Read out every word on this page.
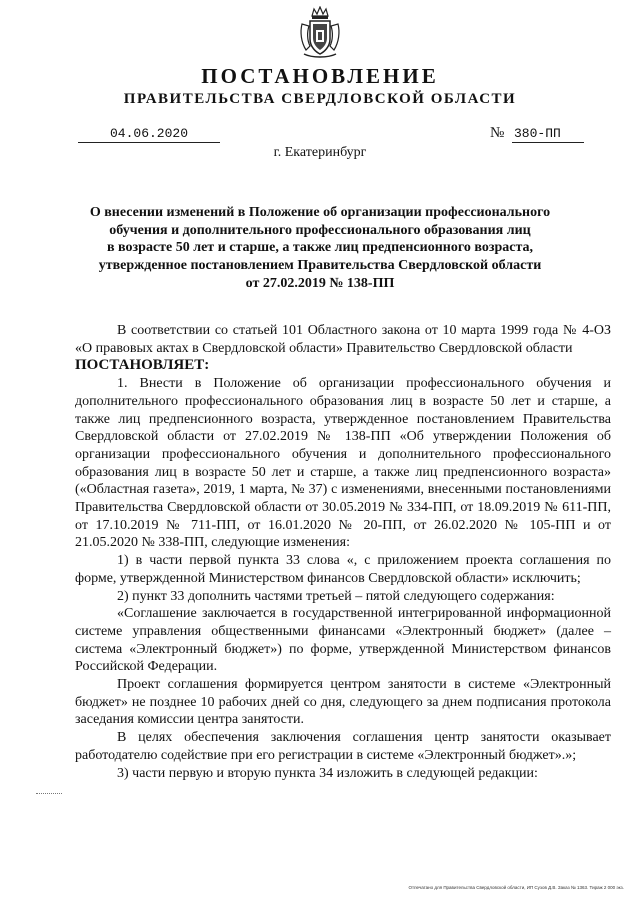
ПОСТАНОВЛЕНИЕ
ПРАВИТЕЛЬСТВА СВЕРДЛОВСКОЙ ОБЛАСТИ
04.06.2020	№ 380-ПП
г. Екатеринбург
О внесении изменений в Положение об организации профессионального
обучения и дополнительного профессионального образования лиц
в возрасте 50 лет и старше, а также лиц предпенсионного возраста,
утвержденное постановлением Правительства Свердловской области
от 27.02.2019 № 138-ПП

В соответствии со статьей 101 Областного закона от 10 марта 1999 года № 4-ОЗ «О правовых актах в Свердловской области» Правительство Свердловской области

ПОСТАНОВЛЯЕТ:

1. Внести в Положение об организации профессионального обучения и дополнительного профессионального образования лиц в возрасте 50 лет и старше, а также лиц предпенсионного возраста, утвержденное постановлением Правительства Свердловской области от 27.02.2019 № 138-ПП «Об утверждении Положения об организации профессионального обучения и дополнительного профессионального образования лиц в возрасте 50 лет и старше, а также лиц предпенсионного возраста» («Областная газета», 2019, 1 марта, № 37) с изменениями, внесенными постановлениями Правительства Свердловской области от 30.05.2019 № 334-ПП, от 18.09.2019 № 611-ПП, от 17.10.2019 № 711-ПП, от 16.01.2020 № 20-ПП, от 26.02.2020 № 105-ПП и от 21.05.2020 № 338-ПП, следующие изменения:

1) в части первой пункта 33 слова «, с приложением проекта соглашения по форме, утвержденной Министерством финансов Свердловской области» исключить;

2) пункт 33 дополнить частями третьей – пятой следующего содержания:

«Соглашение заключается в государственной интегрированной информационной системе управления общественными финансами «Электронный бюджет» (далее – система «Электронный бюджет») по форме, утвержденной Министерством финансов Российской Федерации.

Проект соглашения формируется центром занятости в системе «Электронный бюджет» не позднее 10 рабочих дней со дня, следующего за днем подписания протокола заседания комиссии центра занятости.

В целях обеспечения заключения соглашения центр занятости оказывает работодателю содействие при его регистрации в системе «Электронный бюджет».»;

3) части первую и вторую пункта 34 изложить в следующей редакции:

Отпечатано для Правительства Свердловской области, ИП Сузов Д.В. Заказ № 1363. Тираж 2 000 экз.
